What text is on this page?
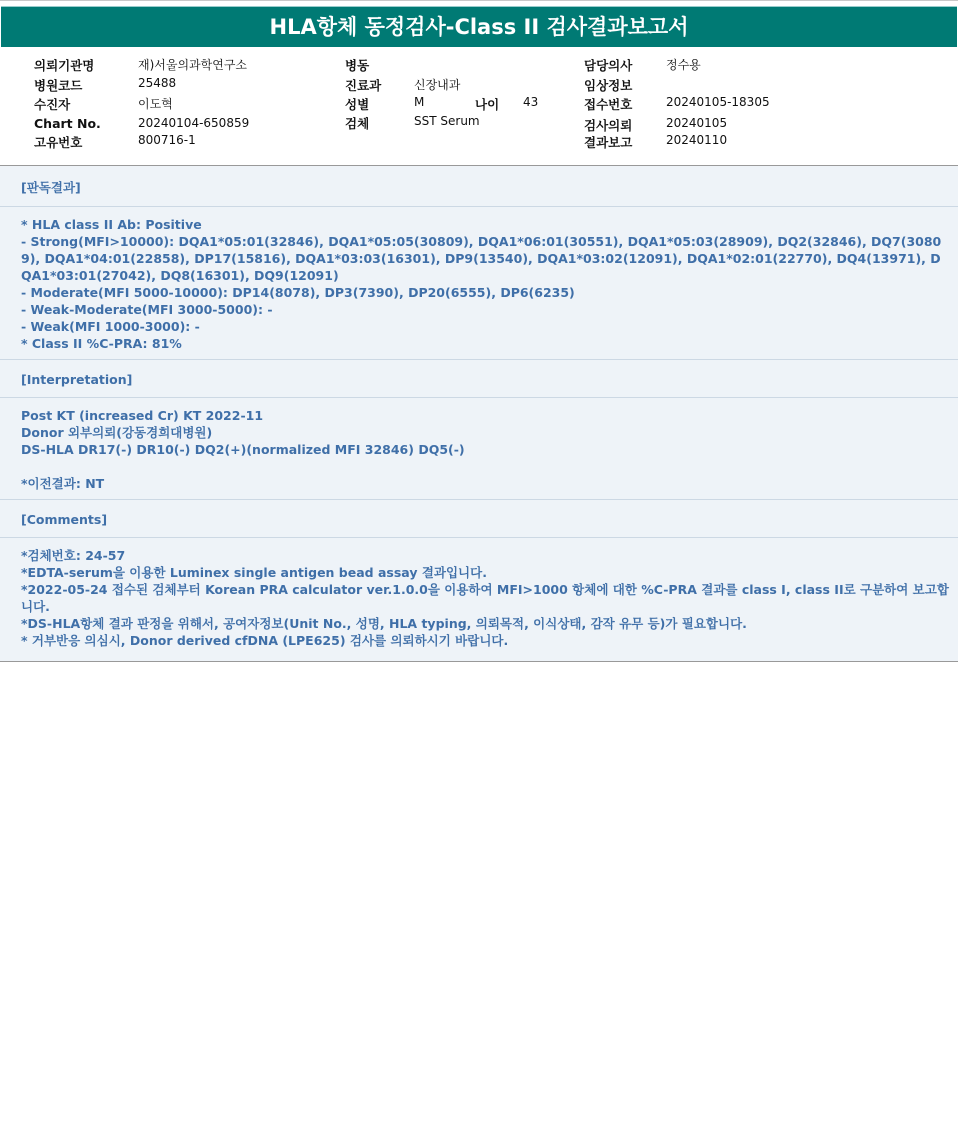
HLA항체 동정검사-Class II 검사결과보고서
의뢰기관명	재)서울의과학연구소
병원코드	25488
수진자	이도혁
Chart No.	20240104-650859
고유번호	800716-1
병동
진료과	신장내과
성별	M	나이 43
검체	SST Serum
담당의사	정수용
임상정보
접수번호	20240105-18305
검사의뢰	20240105
결과보고	20240110
[판독결과]
* HLA class II Ab: Positive
- Strong(MFI>10000): DQA1*05:01(32846), DQA1*05:05(30809), DQA1*06:01(30551), DQA1*05:03(28909), DQ2(32846), DQ7(30809), DQA1*04:01(22858), DP17(15816), DQA1*03:03(16301), DP9(13540), DQA1*03:02(12091), DQA1*02:01(22770), DQ4(13971), DQA1*03:01(27042), DQ8(16301), DQ9(12091)
- Moderate(MFI 5000-10000): DP14(8078), DP3(7390), DP20(6555), DP6(6235)
- Weak-Moderate(MFI 3000-5000): -
- Weak(MFI 1000-3000): -
* Class II %C-PRA: 81%
[Interpretation]
Post KT (increased Cr) KT 2022-11
Donor 외부의뢰(강동경희대병원)
DS-HLA DR17(-) DR10(-) DQ2(+)(normalized MFI 32846) DQ5(-)
*이전결과: NT
[Comments]
*검체번호: 24-57
*EDTA-serum을 이용한 Luminex single antigen bead assay 결과입니다.
*2022-05-24 접수된 검체부터 Korean PRA calculator ver.1.0.0을 이용하여 MFI>1000 항체에 대한 %C-PRA 결과를 class I, class II로 구분하여 보고합니다.
*DS-HLA항체 결과 판정을 위해서, 공여자정보(Unit No., 성명, HLA typing, 의뢰목적, 이식상태, 감작 유무 등)가 필요합니다.
* 거부반응 의심시, Donor derived cfDNA (LPE625) 검사를 의뢰하시기 바랍니다.
